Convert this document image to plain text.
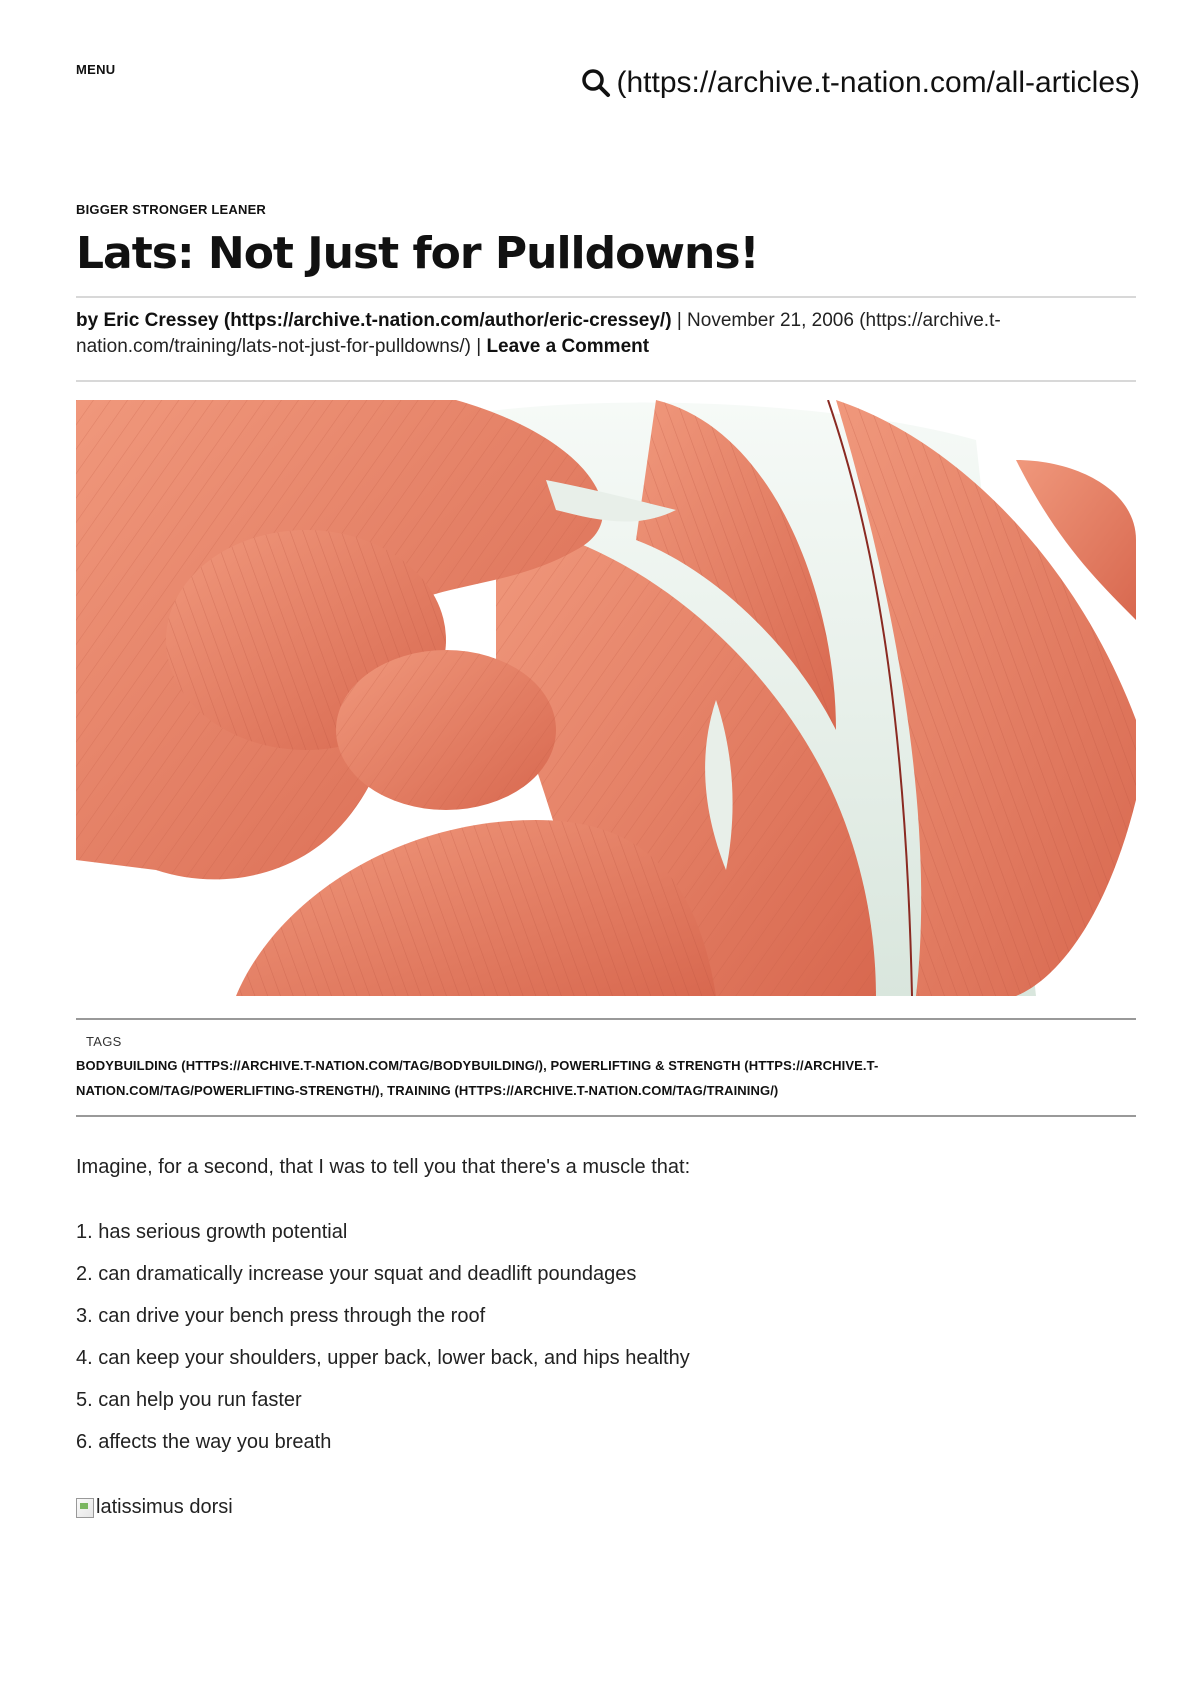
MENU	(https://archive.t-nation.com/all-articles)
BIGGER STRONGER LEANER
Lats: Not Just for Pulldowns!
by Eric Cressey (https://archive.t-nation.com/author/eric-cressey/) | November 21, 2006 (https://archive.t-
nation.com/training/lats-not-just-for-pulldowns/) | Leave a Comment
TAGS
BODYBUILDING (HTTPS://ARCHIVE.T-NATION.COM/TAG/BODYBUILDING/), POWERLIFTING & STRENGTH (HTTPS://ARCHIVE.T-
NATION.COM/TAG/POWERLIFTING-STRENGTH/), TRAINING (HTTPS://ARCHIVE.T-NATION.COM/TAG/TRAINING/)
Imagine, for a second, that I was to tell you that there's a muscle that:
1. has serious growth potential
2. can dramatically increase your squat and deadlift poundages
3. can drive your bench press through the roof
4. can keep your shoulders, upper back, lower back, and hips healthy
5. can help you run faster
6. affects the way you breath
latissimus dorsi
